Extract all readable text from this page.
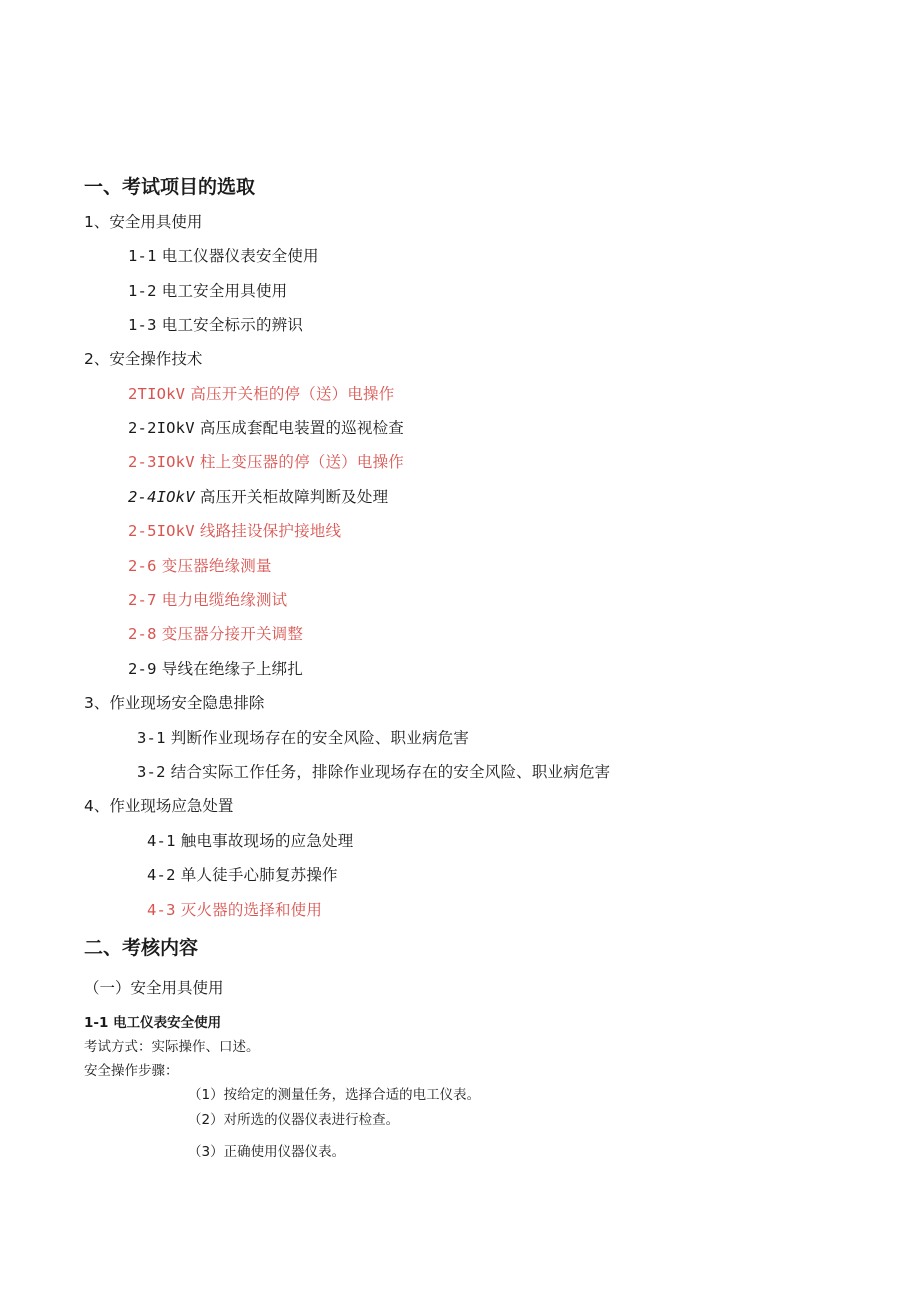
一、考试项目的选取
1、安全用具使用
1-1 电工仪器仪表安全使用
1-2 电工安全用具使用
1-3 电工安全标示的辨识
2、安全操作技术
2TIOkV 高压开关柜的停（送）电操作
2-2IOkV 高压成套配电装置的巡视检查
2-3IOkV 柱上变压器的停（送）电操作
2-4IOkV 高压开关柜故障判断及处理
2-5IOkV 线路挂设保护接地线
2-6 变压器绝缘测量
2-7 电力电缆绝缘测试
2-8 变压器分接开关调整
2-9 导线在绝缘子上绑扎
3、作业现场安全隐患排除
3-1 判断作业现场存在的安全风险、职业病危害
3-2 结合实际工作任务，排除作业现场存在的安全风险、职业病危害
4、作业现场应急处置
4-1 触电事故现场的应急处理
4-2 单人徒手心肺复苏操作
4-3 灭火器的选择和使用
二、考核内容
（一）安全用具使用
1-1 电工仪表安全使用
考试方式：实际操作、口述。
安全操作步骤：
（1）按给定的测量任务，选择合适的电工仪表。
（2）对所选的仪器仪表进行检查。
（3）正确使用仪器仪表。
